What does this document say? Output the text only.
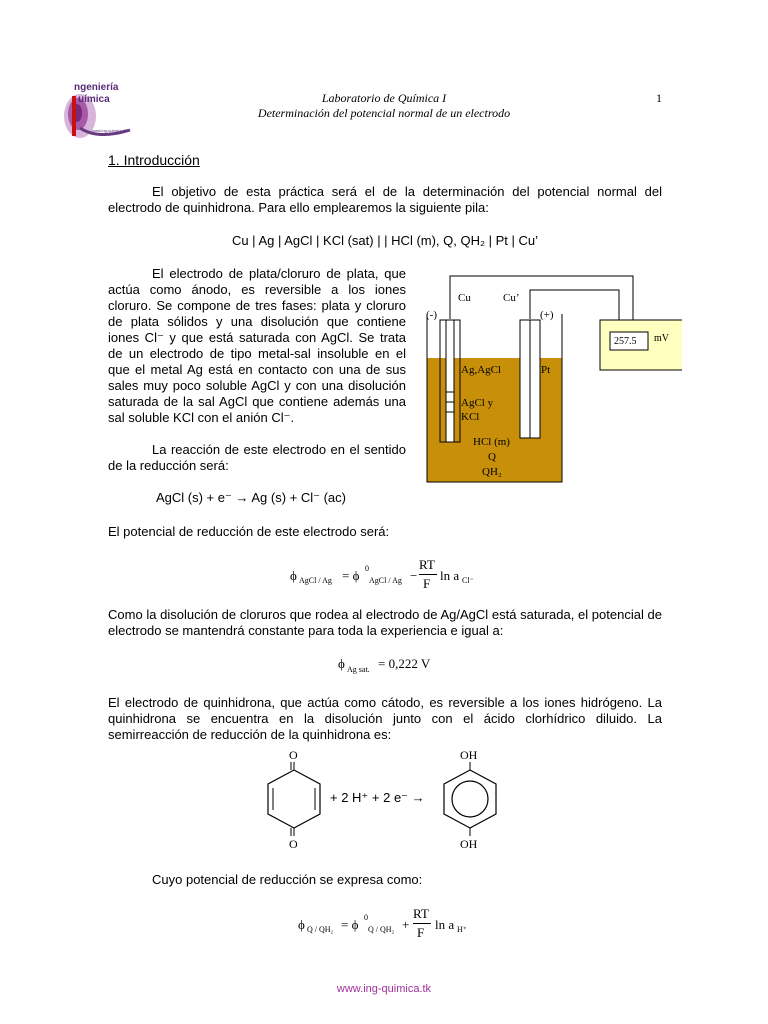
ngeniería
uímica
www.ing-quimica.tk
Laboratorio de Química I
Determinación del potencial normal de un electrodo
1
1. Introducción
El objetivo de esta práctica será el de la determinación del potencial normal del electrodo de quinhidrona. Para ello emplearemos la siguiente pila:
Cu | Ag | AgCl | KCl (sat) | | HCl (m), Q, QH₂ | Pt | Cu’
El electrodo de plata/cloruro de plata, que actúa como ánodo, es reversible a los iones cloruro. Se compone de tres fases: plata y cloruro de plata sólidos y una disolución que contiene iones Cl⁻ y que está saturada con AgCl. Se trata de un electrodo de tipo metal-sal insoluble en el que el metal Ag está en contacto con una de sus sales muy poco soluble AgCl y con una disolución saturada de la sal AgCl que contiene además una sal soluble KCl con el anión Cl⁻.
La reacción de este electrodo en el sentido de la reducción será:
AgCl (s) + e⁻ → Ag (s) + Cl⁻ (ac)
Cu	Cu’
(-)	(+)
257.5 mV
Ag,AgCl	Pt
AgCl y
KCl
HCl (m)
Q
QH₂
El potencial de reducción de este electrodo será:
ϕ AgCl / Ag = ϕ 0
AgCl / Ag −
RT
F
ln a Cl⁻
Como la disolución de cloruros que rodea al electrodo de Ag/AgCl está saturada, el potencial de electrodo se mantendrá constante para toda la experiencia e igual a:
ϕ Ag sat. = 0,222 V
El electrodo de quinhidrona, que actúa como cátodo, es reversible a los iones hidrógeno. La quinhidrona se encuentra en la disolución junto con el ácido clorhídrico diluido. La semirreacción de reducción de la quinhidrona es:
O
O
+ 2 H⁺ + 2 e⁻ →
OH
OH
Cuyo potencial de reducción se expresa como:
ϕ Q / QH₂ = ϕ 0
Q / QH₂ +
RT
F
ln a H⁺
www.ing-quimica.tk
